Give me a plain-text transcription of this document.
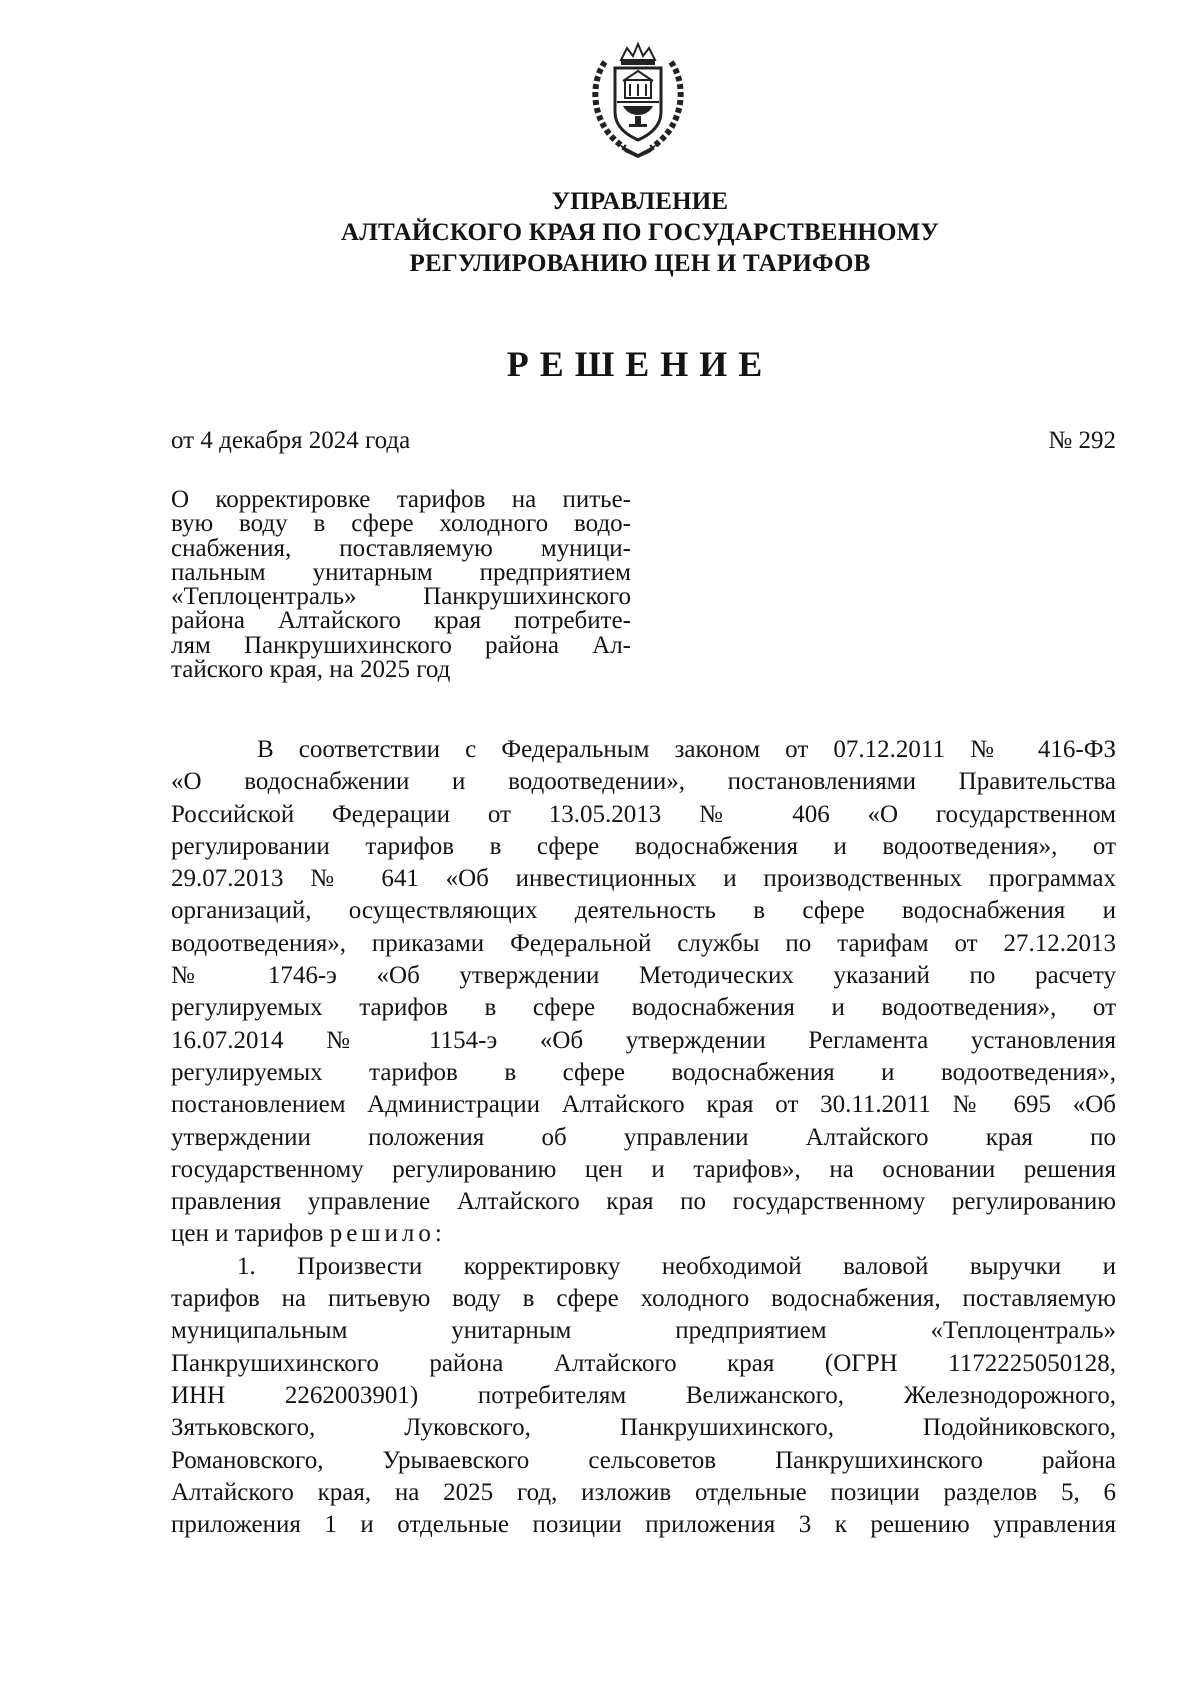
УПРАВЛЕНИЕ
АЛТАЙСКОГО КРАЯ ПО ГОСУДАРСТВЕННОМУ
РЕГУЛИРОВАНИЮ ЦЕН И ТАРИФОВ
РЕШЕНИЕ
от 4 декабря 2024 года	№ 292
О корректировке тарифов на питье-
вую воду в сфере холодного водо-
снабжения, поставляемую муници-
пальным унитарным предприятием
«Теплоцентраль» Панкрушихинского
района Алтайского края потребите-
лям Панкрушихинского района Ал-
тайского края, на 2025 год
В соответствии с Федеральным законом от 07.12.2011 № 416-ФЗ
«О водоснабжении и водоотведении», постановлениями Правительства
Российской Федерации от 13.05.2013 № 406 «О государственном
регулировании тарифов в сфере водоснабжения и водоотведения», от
29.07.2013 № 641 «Об инвестиционных и производственных программах
организаций, осуществляющих деятельность в сфере водоснабжения и
водоотведения», приказами Федеральной службы по тарифам от 27.12.2013
№ 1746-э «Об утверждении Методических указаний по расчету
регулируемых тарифов в сфере водоснабжения и водоотведения», от
16.07.2014 № 1154-э «Об утверждении Регламента установления
регулируемых тарифов в сфере водоснабжения и водоотведения»,
постановлением Администрации Алтайского края от 30.11.2011 № 695 «Об
утверждении положения об управлении Алтайского края по
государственному регулированию цен и тарифов», на основании решения
правления управление Алтайского края по государственному регулированию
цен и тарифов решило:
1. Произвести корректировку необходимой валовой выручки и
тарифов на питьевую воду в сфере холодного водоснабжения, поставляемую
муниципальным унитарным предприятием «Теплоцентраль»
Панкрушихинского района Алтайского края (ОГРН 1172225050128,
ИНН 2262003901) потребителям Велижанского, Железнодорожного,
Зятьковского, Луковского, Панкрушихинского, Подойниковского,
Романовского, Урываевского сельсоветов Панкрушихинского района
Алтайского края, на 2025 год, изложив отдельные позиции разделов 5, 6
приложения 1 и отдельные позиции приложения 3 к решению управления
